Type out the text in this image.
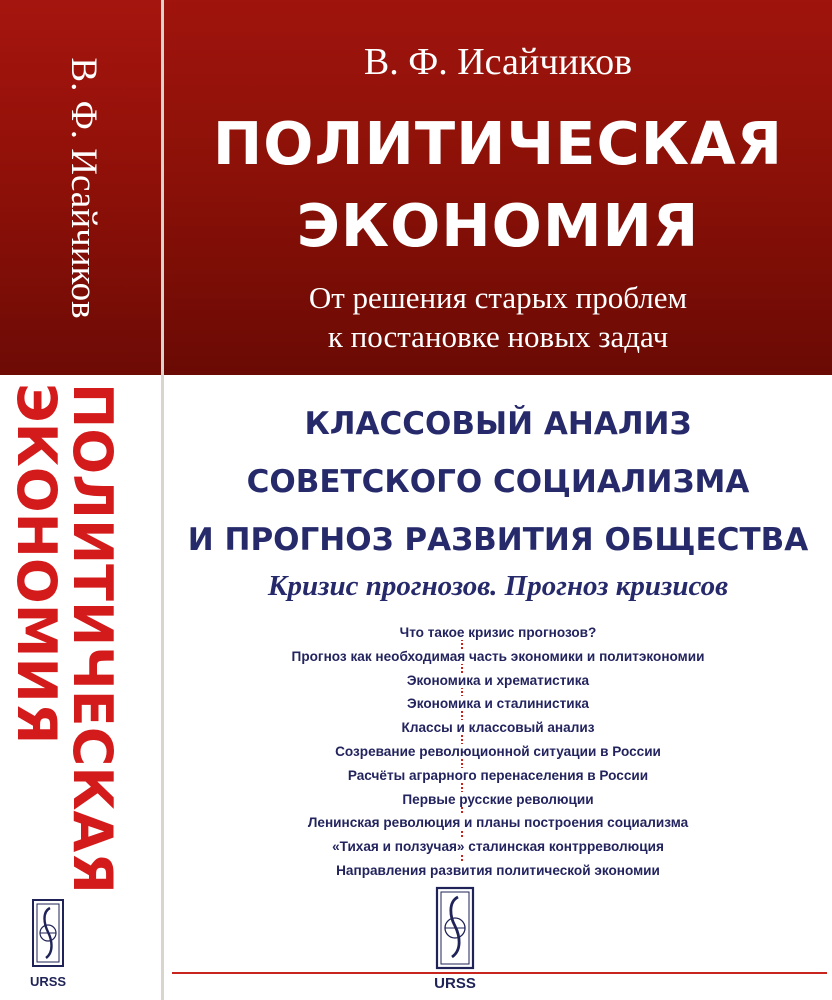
В. Ф. Исайчиков
ПОЛИТИЧЕСКАЯ
ЭКОНОМИЯ
URSS
В. Ф. Исайчиков
ПОЛИТИЧЕСКАЯ
ЭКОНОМИЯ
От решения старых проблем
к постановке новых задач
КЛАССОВЫЙ АНАЛИЗ
СОВЕТСКОГО СОЦИАЛИЗМА
И ПРОГНОЗ РАЗВИТИЯ ОБЩЕСТВА
Кризис прогнозов. Прогноз кризисов
Что такое кризис прогнозов?
Прогноз как необходимая часть экономики и политэкономии
Экономика и хрематистика
Экономика и сталинистика
Классы и классовый анализ
Созревание революционной ситуации в России
Расчёты аграрного перенаселения в России
Первые русские революции
Ленинская революция и планы построения социализма
«Тихая и ползучая» сталинская контрреволюция
Направления развития политической экономии
URSS
